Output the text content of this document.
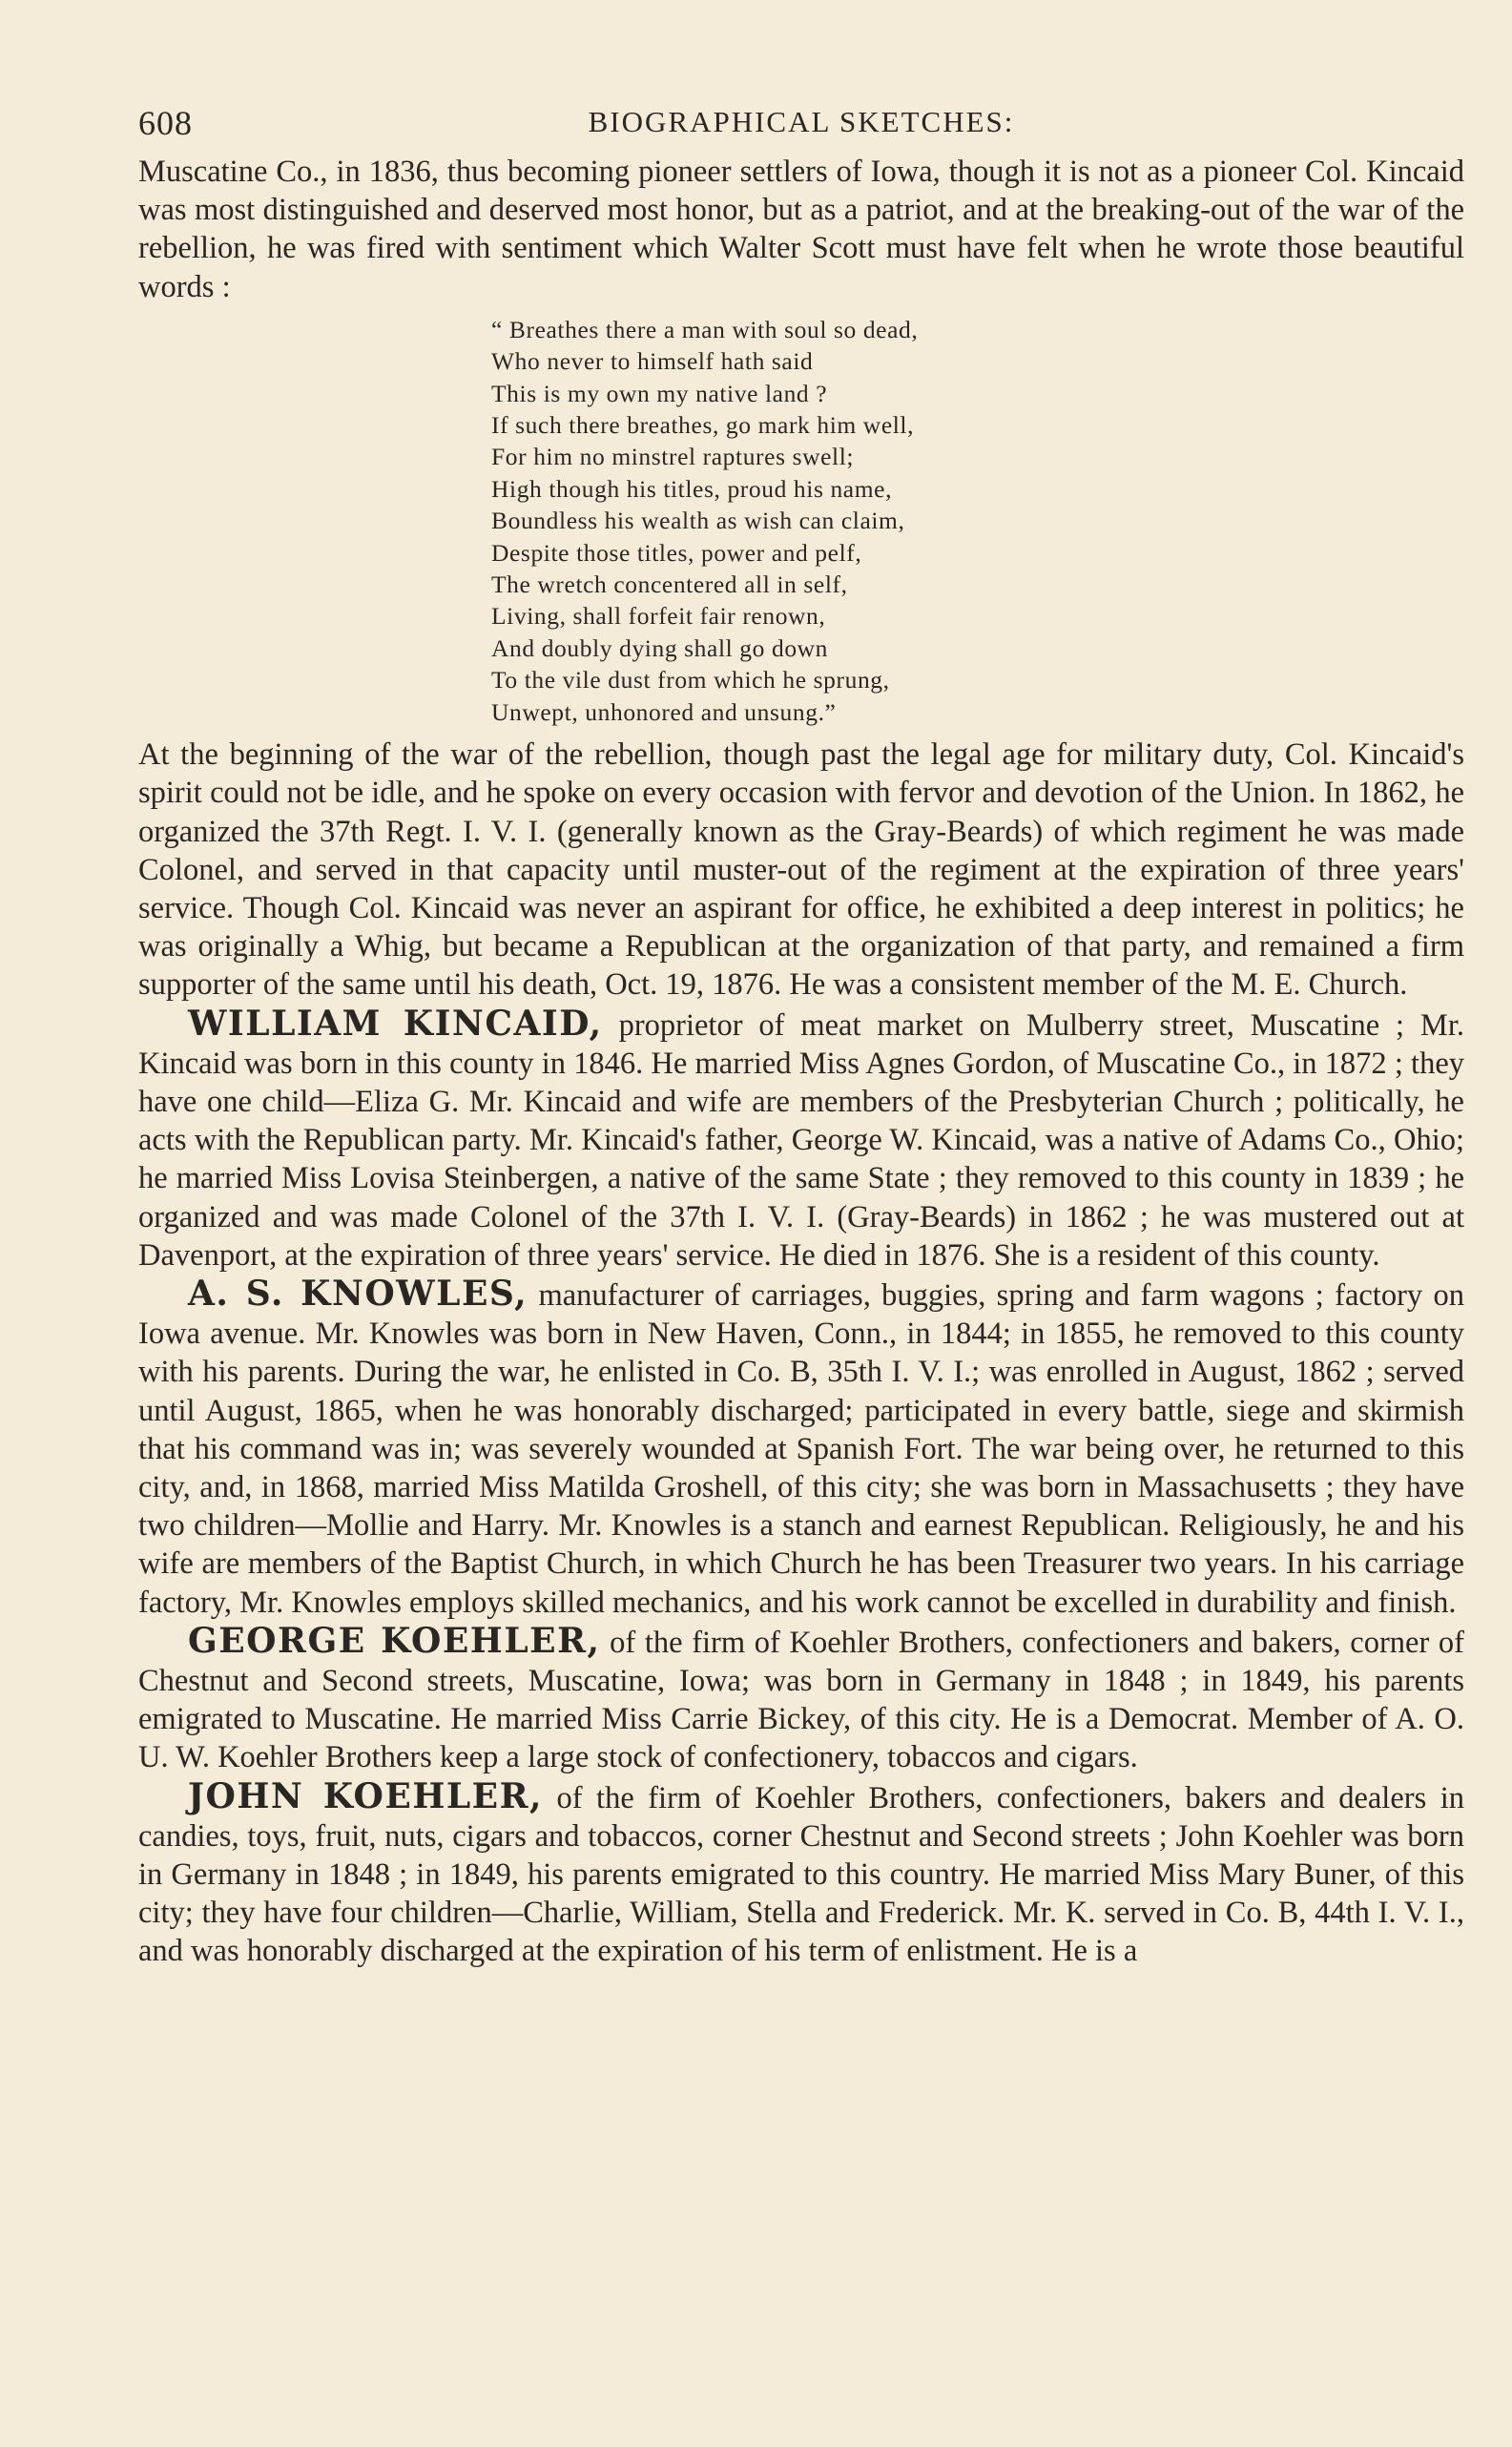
608	BIOGRAPHICAL SKETCHES:

Muscatine Co., in 1836, thus becoming pioneer settlers of Iowa, though it is not as a pioneer Col. Kincaid was most distinguished and deserved most honor, but as a patriot, and at the breaking-out of the war of the rebellion, he was fired with sentiment which Walter Scott must have felt when he wrote those beautiful words :

“ Breathes there a man with soul so dead,
Who never to himself hath said
This is my own my native land ?
If such there breathes, go mark him well,
For him no minstrel raptures swell;
High though his titles, proud his name,
Boundless his wealth as wish can claim,
Despite those titles, power and pelf,
The wretch concentered all in self,
Living, shall forfeit fair renown,
And doubly dying shall go down
To the vile dust from which he sprung,
Unwept, unhonored and unsung.”

At the beginning of the war of the rebellion, though past the legal age for military duty, Col. Kincaid's spirit could not be idle, and he spoke on every occasion with fervor and devotion of the Union. In 1862, he organized the 37th Regt. I. V. I. (generally known as the Gray-Beards) of which regiment he was made Colonel, and served in that capacity until muster-out of the regiment at the expiration of three years' service. Though Col. Kincaid was never an aspirant for office, he exhibited a deep interest in politics; he was originally a Whig, but became a Republican at the organization of that party, and remained a firm supporter of the same until his death, Oct. 19, 1876. He was a consistent member of the M. E. Church.

WILLIAM KINCAID, proprietor of meat market on Mulberry street, Muscatine ; Mr. Kincaid was born in this county in 1846. He married Miss Agnes Gordon, of Muscatine Co., in 1872 ; they have one child—Eliza G. Mr. Kincaid and wife are members of the Presbyterian Church ; politically, he acts with the Republican party. Mr. Kincaid's father, George W. Kincaid, was a native of Adams Co., Ohio; he married Miss Lovisa Steinbergen, a native of the same State ; they removed to this county in 1839 ; he organized and was made Colonel of the 37th I. V. I. (Gray-Beards) in 1862 ; he was mustered out at Davenport, at the expiration of three years' service. He died in 1876. She is a resident of this county.

A. S. KNOWLES, manufacturer of carriages, buggies, spring and farm wagons ; factory on Iowa avenue. Mr. Knowles was born in New Haven, Conn., in 1844; in 1855, he removed to this county with his parents. During the war, he enlisted in Co. B, 35th I. V. I.; was enrolled in August, 1862 ; served until August, 1865, when he was honorably discharged; participated in every battle, siege and skirmish that his command was in; was severely wounded at Spanish Fort. The war being over, he returned to this city, and, in 1868, married Miss Matilda Groshell, of this city; she was born in Massachusetts ; they have two children—Mollie and Harry. Mr. Knowles is a stanch and earnest Republican. Religiously, he and his wife are members of the Baptist Church, in which Church he has been Treasurer two years. In his carriage factory, Mr. Knowles employs skilled mechanics, and his work cannot be excelled in durability and finish.

GEORGE KOEHLER, of the firm of Koehler Brothers, confectioners and bakers, corner of Chestnut and Second streets, Muscatine, Iowa; was born in Germany in 1848 ; in 1849, his parents emigrated to Muscatine. He married Miss Carrie Bickey, of this city. He is a Democrat. Member of A. O. U. W. Koehler Brothers keep a large stock of confectionery, tobaccos and cigars.

JOHN KOEHLER, of the firm of Koehler Brothers, confectioners, bakers and dealers in candies, toys, fruit, nuts, cigars and tobaccos, corner Chestnut and Second streets ; John Koehler was born in Germany in 1848 ; in 1849, his parents emigrated to this country. He married Miss Mary Buner, of this city; they have four children—Charlie, William, Stella and Frederick. Mr. K. served in Co. B, 44th I. V. I., and was honorably discharged at the expiration of his term of enlistment. He is a
